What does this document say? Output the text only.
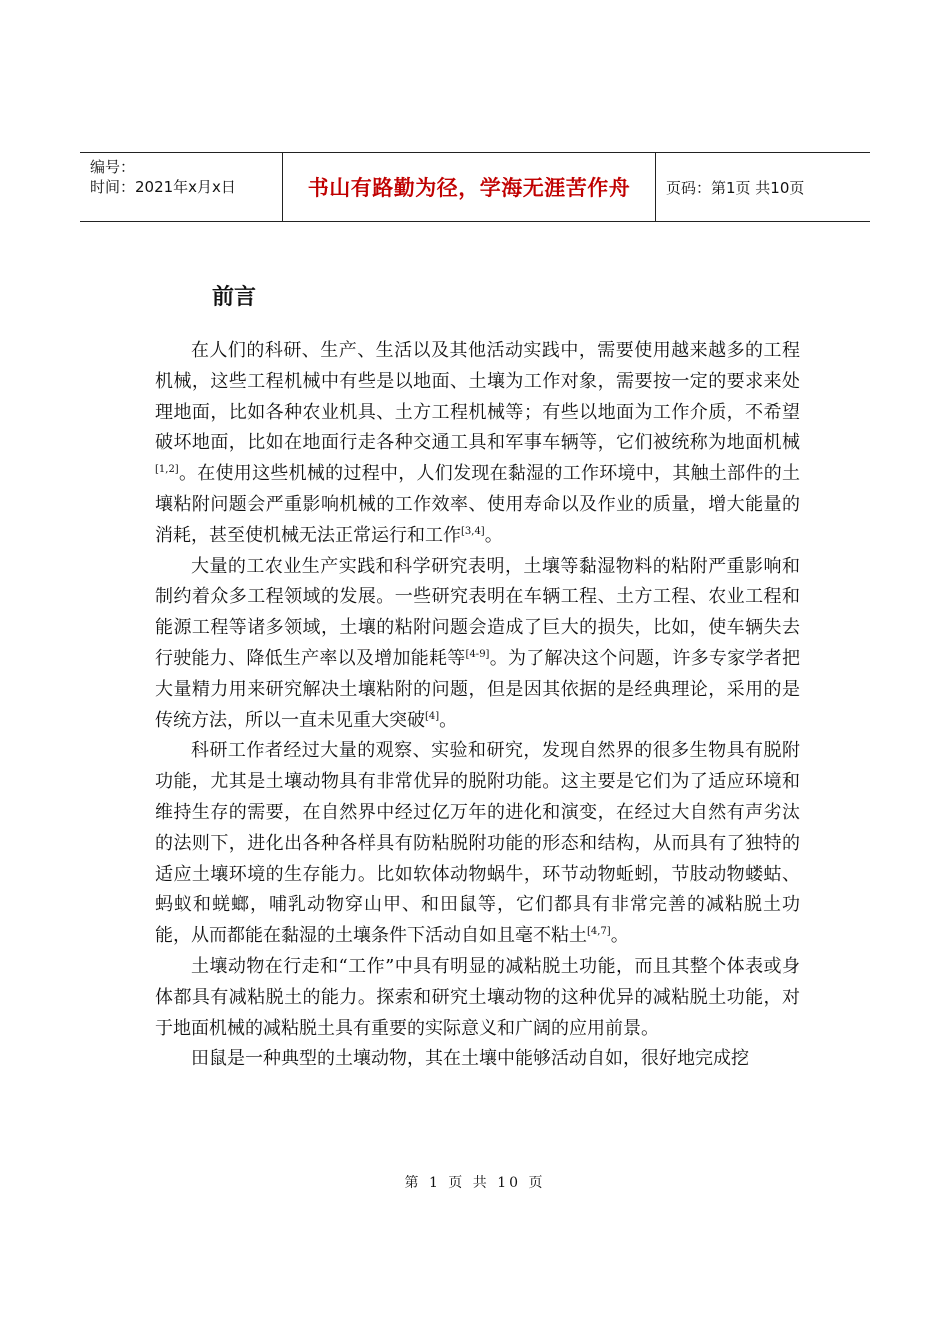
编号：
时间：2021年x月x日	书山有路勤为径，学海无涯苦作舟	页码：第1页 共10页
前言

在人们的科研、生产、生活以及其他活动实践中，需要使用越来越多的工程机械，这些工程机械中有些是以地面、土壤为工作对象，需要按一定的要求来处理地面，比如各种农业机具、土方工程机械等；有些以地面为工作介质，不希望破坏地面，比如在地面行走各种交通工具和军事车辆等，它们被统称为地面机械[1,2]。在使用这些机械的过程中，人们发现在黏湿的工作环境中，其触土部件的土壤粘附问题会严重影响机械的工作效率、使用寿命以及作业的质量，增大能量的消耗，甚至使机械无法正常运行和工作[3,4]。

大量的工农业生产实践和科学研究表明，土壤等黏湿物料的粘附严重影响和制约着众多工程领域的发展。一些研究表明在车辆工程、土方工程、农业工程和能源工程等诸多领域，土壤的粘附问题会造成了巨大的损失，比如，使车辆失去行驶能力、降低生产率以及增加能耗等[4-9]。为了解决这个问题，许多专家学者把大量精力用来研究解决土壤粘附的问题，但是因其依据的是经典理论，采用的是传统方法，所以一直未见重大突破[4]。

科研工作者经过大量的观察、实验和研究，发现自然界的很多生物具有脱附功能，尤其是土壤动物具有非常优异的脱附功能。这主要是它们为了适应环境和维持生存的需要，在自然界中经过亿万年的进化和演变，在经过大自然有声劣汰的法则下，进化出各种各样具有防粘脱附功能的形态和结构，从而具有了独特的适应土壤环境的生存能力。比如软体动物蜗牛，环节动物蚯蚓，节肢动物蝼蛄、蚂蚁和蜣螂，哺乳动物穿山甲、和田鼠等，它们都具有非常完善的减粘脱土功能，从而都能在黏湿的土壤条件下活动自如且毫不粘土[4,7]。

土壤动物在行走和“工作”中具有明显的减粘脱土功能，而且其整个体表或身体都具有减粘脱土的能力。探索和研究土壤动物的这种优异的减粘脱土功能，对于地面机械的减粘脱土具有重要的实际意义和广阔的应用前景。

田鼠是一种典型的土壤动物，其在土壤中能够活动自如，很好地完成挖

第 1 页 共 10 页
